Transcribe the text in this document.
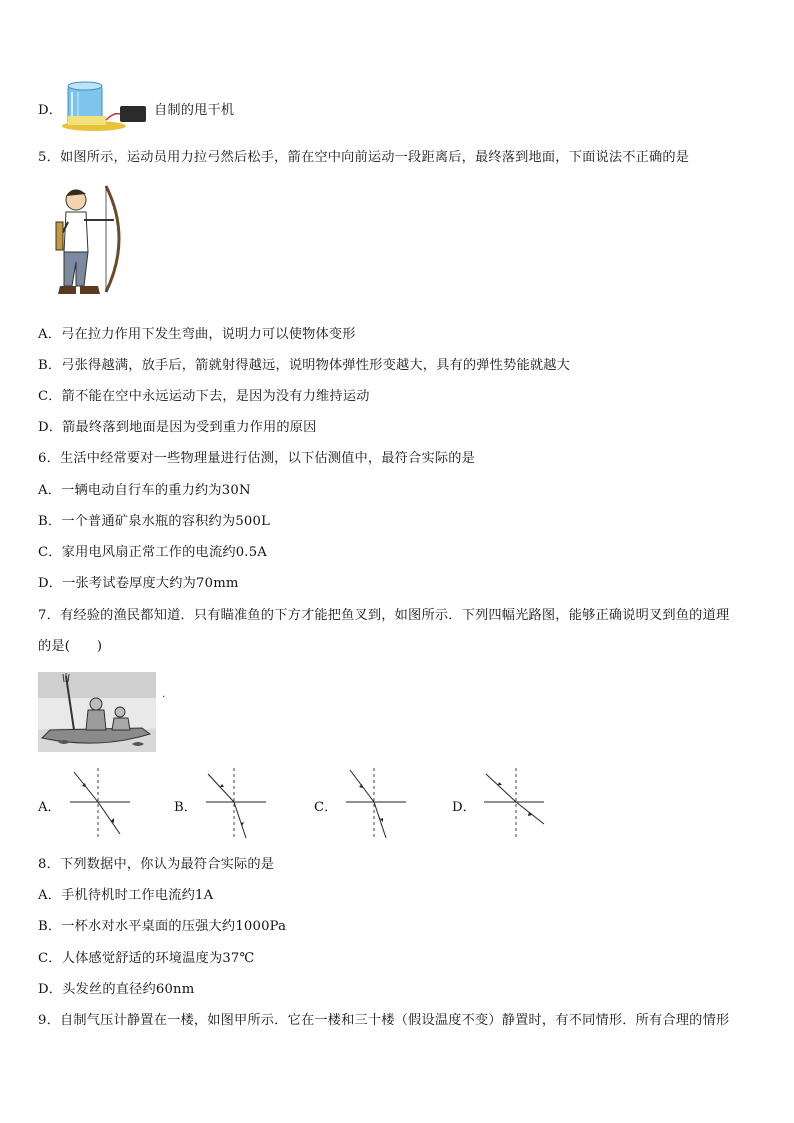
D．	自制的甩干机
5．如图所示，运动员用力拉弓然后松手，箭在空中向前运动一段距离后，最终落到地面，下面说法不正确的是
A．弓在拉力作用下发生弯曲，说明力可以使物体变形
B．弓张得越满，放手后，箭就射得越远，说明物体弹性形变越大，具有的弹性势能就越大
C．箭不能在空中永远运动下去，是因为没有力维持运动
D．箭最终落到地面是因为受到重力作用的原因
6．生活中经常要对一些物理量进行估测，以下估测值中，最符合实际的是
A．一辆电动自行车的重力约为30N
B．一个普通矿泉水瓶的容积约为500L
C．家用电风扇正常工作的电流约0.5A
D．一张考试卷厚度大约为70mm
7．有经验的渔民都知道．只有瞄准鱼的下方才能把鱼叉到，如图所示．下列四幅光路图，能够正确说明叉到鱼的道理
的是(　　)
.
A．	B．	C．	D．
8．下列数据中，你认为最符合实际的是
A．手机待机时工作电流约1A
B．一杯水对水平桌面的压强大约1000Pa
C．人体感觉舒适的环境温度为37℃
D．头发丝的直径约60nm
9．自制气压计静置在一楼，如图甲所示．它在一楼和三十楼（假设温度不变）静置时，有不同情形．所有合理的情形
